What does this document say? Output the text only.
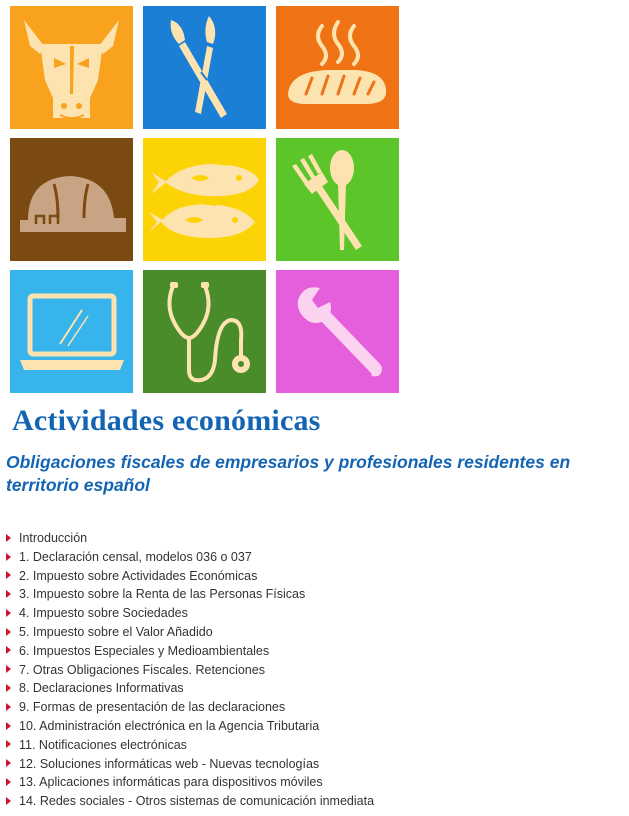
Actividades económicas
Obligaciones fiscales de empresarios y profesionales residentes en territorio español
Introducción
1. Declaración censal, modelos 036 o 037
2. Impuesto sobre Actividades Económicas
3. Impuesto sobre la Renta de las Personas Físicas
4. Impuesto sobre Sociedades
5. Impuesto sobre el Valor Añadido
6. Impuestos Especiales y Medioambientales
7. Otras Obligaciones Fiscales. Retenciones
8. Declaraciones Informativas
9. Formas de presentación de las declaraciones
10. Administración electrónica en la Agencia Tributaria
11. Notificaciones electrónicas
12. Soluciones informáticas web - Nuevas tecnologías
13. Aplicaciones informáticas para dispositivos móviles
14. Redes sociales - Otros sistemas de comunicación inmediata
